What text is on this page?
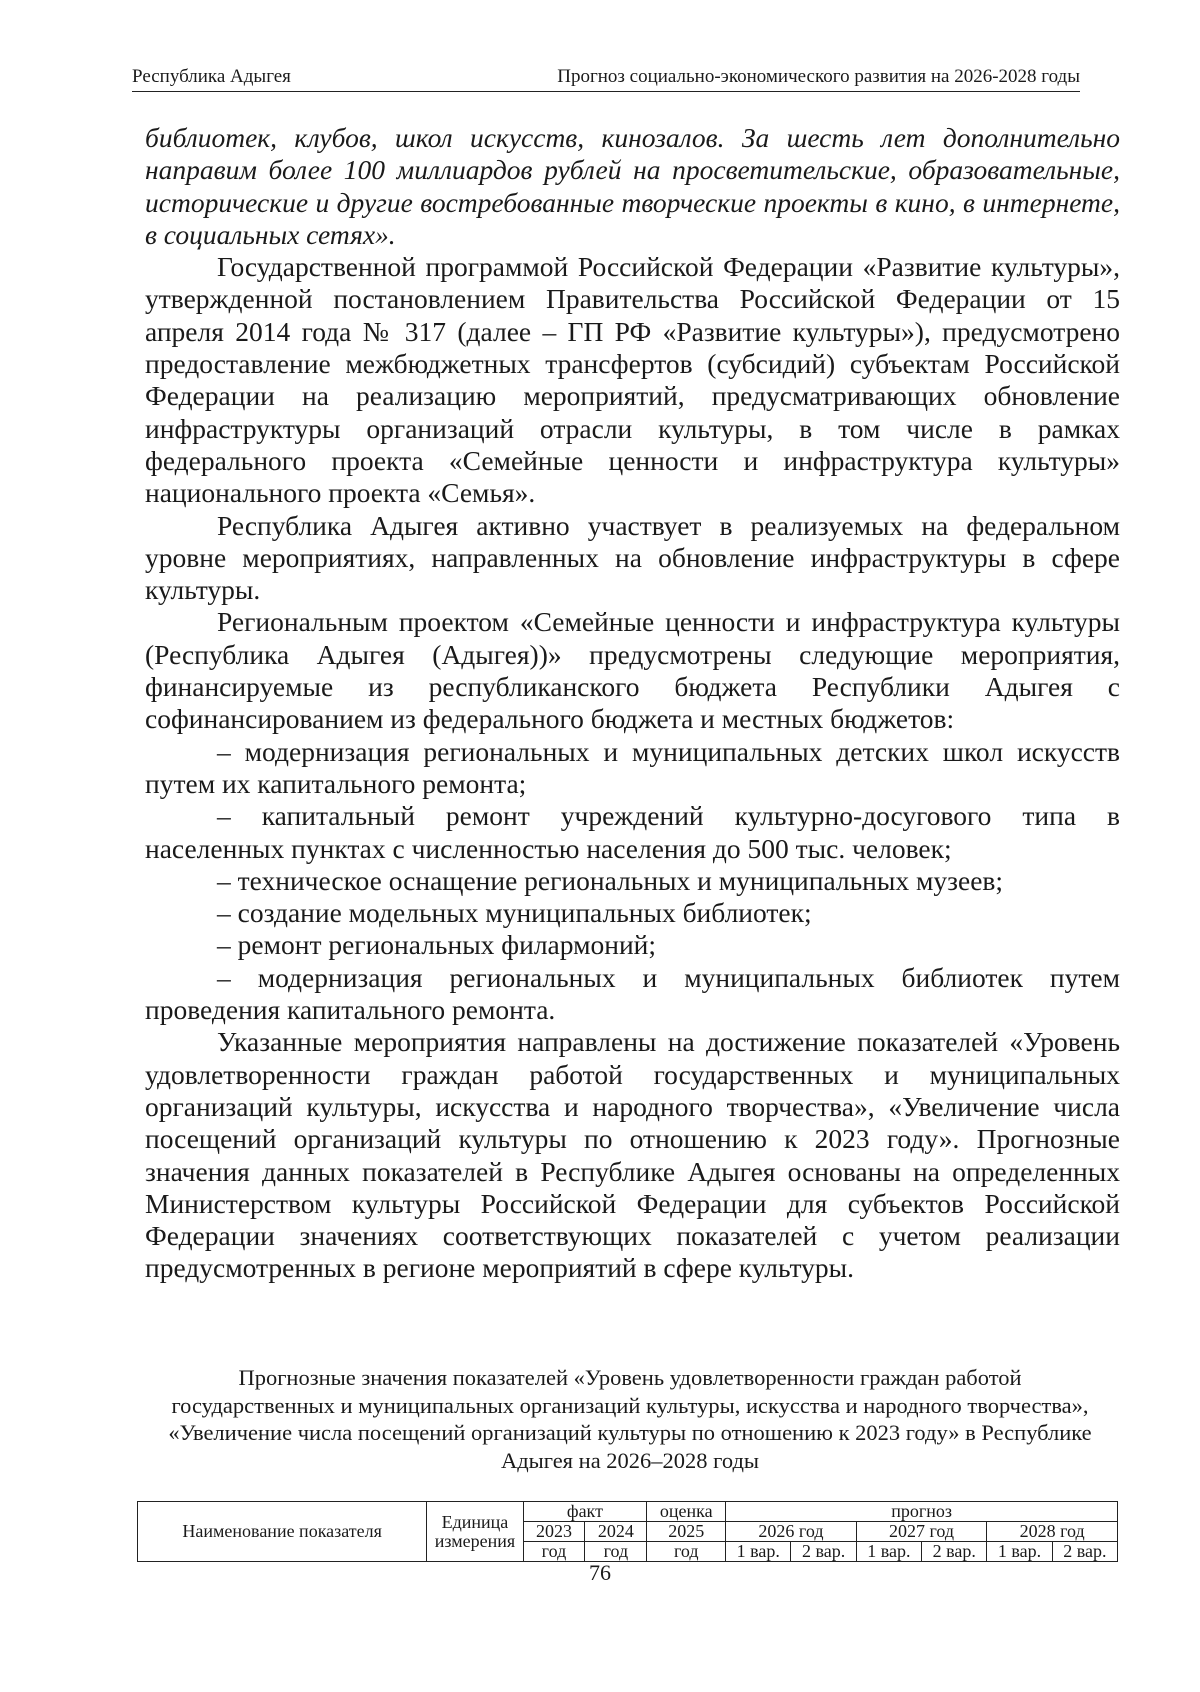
Республика Адыгея	Прогноз социально-экономического развития на 2026-2028 годы

библиотек, клубов, школ искусств, кинозалов. За шесть лет дополнительно направим более 100 миллиардов рублей на просветительские, образовательные, исторические и другие востребованные творческие проекты в кино, в интернете, в социальных сетях».

Государственной программой Российской Федерации «Развитие культуры», утвержденной постановлением Правительства Российской Федерации от 15 апреля 2014 года № 317 (далее – ГП РФ «Развитие культуры»), предусмотрено предоставление межбюджетных трансфертов (субсидий) субъектам Российской Федерации на реализацию мероприятий, предусматривающих обновление инфраструктуры организаций отрасли культуры, в том числе в рамках федерального проекта «Семейные ценности и инфраструктура культуры» национального проекта «Семья».

Республика Адыгея активно участвует в реализуемых на федеральном уровне мероприятиях, направленных на обновление инфраструктуры в сфере культуры.

Региональным проектом «Семейные ценности и инфраструктура культуры (Республика Адыгея (Адыгея))» предусмотрены следующие мероприятия, финансируемые из республиканского бюджета Республики Адыгея с софинансированием из федерального бюджета и местных бюджетов:

– модернизация региональных и муниципальных детских школ искусств путем их капитального ремонта;

– капитальный ремонт учреждений культурно-досугового типа в населенных пунктах с численностью населения до 500 тыс. человек;

– техническое оснащение региональных и муниципальных музеев;

– создание модельных муниципальных библиотек;

– ремонт региональных филармоний;

– модернизация региональных и муниципальных библиотек путем проведения капитального ремонта.

Указанные мероприятия направлены на достижение показателей «Уровень удовлетворенности граждан работой государственных и муниципальных организаций культуры, искусства и народного творчества», «Увеличение числа посещений организаций культуры по отношению к 2023 году». Прогнозные значения данных показателей в Республике Адыгея основаны на определенных Министерством культуры Российской Федерации для субъектов Российской Федерации значениях соответствующих показателей с учетом реализации предусмотренных в регионе мероприятий в сфере культуры.

Прогнозные значения показателей «Уровень удовлетворенности граждан работой государственных и муниципальных организаций культуры, искусства и народного творчества», «Увеличение числа посещений организаций культуры по отношению к 2023 году» в Республике Адыгея на 2026–2028 годы
Наименование показателя	Единица измерения	факт		оценка	прогноз					
		2023	2024	2025	2026 год		2027 год		2028 год	
		год	год	год	1 вар.	2 вар.	1 вар.	2 вар.	1 вар.	2 вар.
76
